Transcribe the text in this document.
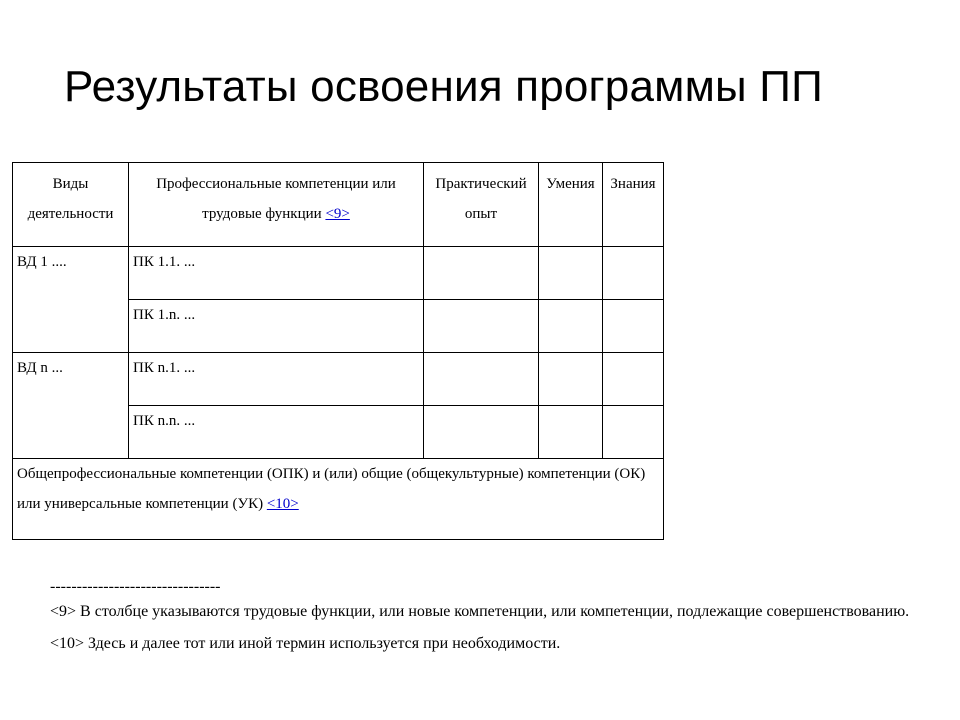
Результаты освоения программы ПП
Виды деятельности	Профессиональные компетенции или трудовые функции <9>	Практический опыт	Умения	Знания
ВД 1 ....	ПК 1.1. ...			
	ПК 1.n. ...			
ВД n ...	ПК n.1. ...			
	ПК n.n. ...			
Общепрофессиональные компетенции (ОПК) и (или) общие (общекультурные) компетенции (ОК) или универсальные компетенции (УК) <10>				
--------------------------------

<9> В столбце указываются трудовые функции, или новые компетенции, или компетенции, подлежащие совершенствованию.

<10> Здесь и далее тот или иной термин используется при необходимости.
